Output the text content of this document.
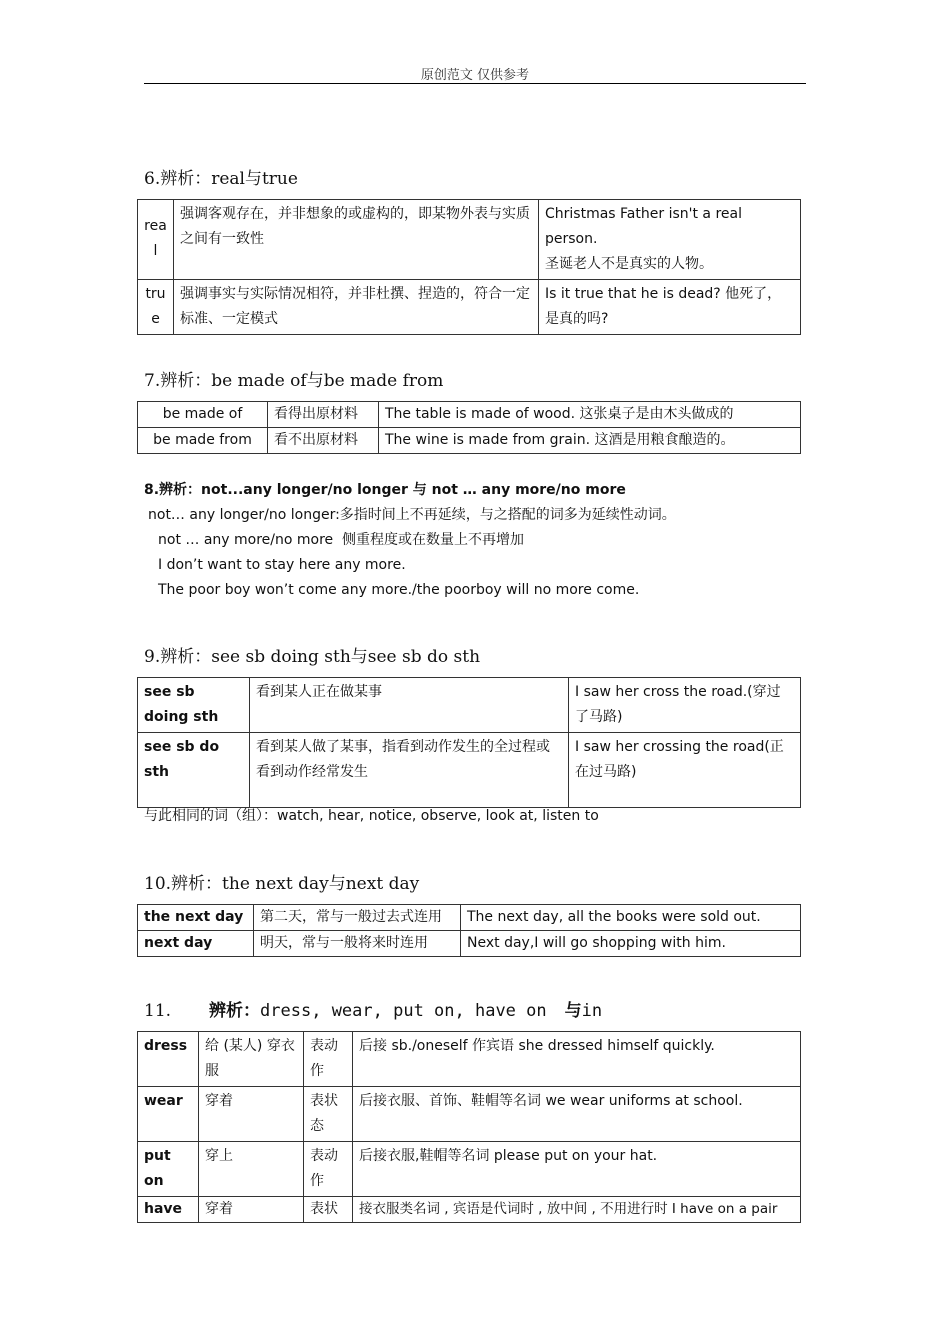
原创范文 仅供参考
6.辨析：real与true
real	强调客观存在，并非想象的或虚构的，即某物外表与实质之间有一致性	Christmas Father isn't a real person.
圣诞老人不是真实的人物。
true	强调事实与实际情况相符，并非杜撰、捏造的，符合一定标准、一定模式	Is it true that he is dead? 他死了，是真的吗?
7.辨析：be made of与be made from
be made of	看得出原材料	The table is made of wood. 这张桌子是由木头做成的
be made from	看不出原材料	The wine is made from grain. 这酒是用粮食酿造的。
8.辨析：not...any longer/no longer 与 not … any more/no more
not… any longer/no longer:多指时间上不再延续，与之搭配的词多为延续性动词。
not … any more/no more  侧重程度或在数量上不再增加
I don’t want to stay here any more.
The poor boy won’t come any more./the poorboy will no more come.
9.辨析：see sb doing sth与see sb do sth
see sb doing sth	看到某人正在做某事	I saw her cross the road.(穿过了马路)
see sb do sth	看到某人做了某事，指看到动作发生的全过程或看到动作经常发生	I saw her crossing the road(正在过马路)
与此相同的词（组）：watch, hear, notice, observe, look at, listen to
10.辨析：the next day与next day
the next day	第二天，常与一般过去式连用	The next day, all the books were sold out.
next day	明天，常与一般将来时连用	Next day,I will go shopping with him.
11. 辨析：dress, wear, put on, have on 与in
dress	给 (某人) 穿衣服	表动作	后接 sb./oneself 作宾语 she dressed himself quickly.
wear	穿着	表状态	后接衣服、首饰、鞋帽等名词 we wear uniforms at school.
put on	穿上	表动作	后接衣服,鞋帽等名词 please put on your hat.
have	穿着	表状	接衣服类名词 , 宾语是代词时 , 放中间 , 不用进行时 I have on a pair
